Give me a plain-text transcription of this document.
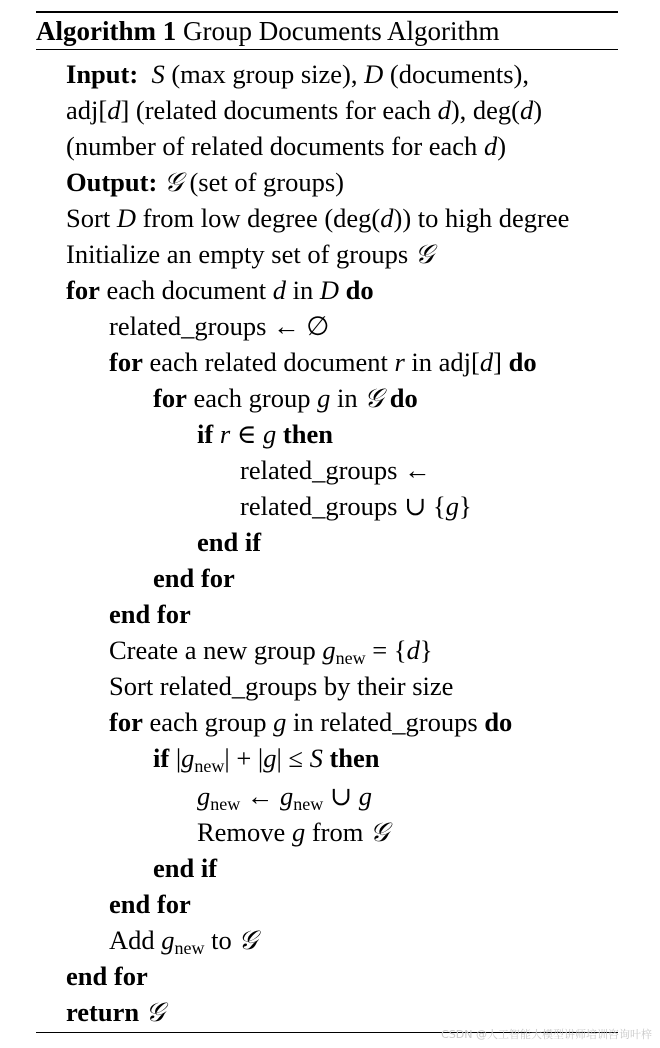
Algorithm 1 Group Documents Algorithm
Input: S (max group size), D (documents),
adj[d] (related documents for each d), deg(d)
(number of related documents for each d)
Output: 𝒢 (set of groups)
Sort D from low degree (deg(d)) to high degree
Initialize an empty set of groups 𝒢
for each document d in D do
related_groups ← ∅
for each related document r in adj[d] do
for each group g in 𝒢 do
if r ∈ g then
related_groups ←
related_groups ∪ {g}
end if
end for
end for
Create a new group $g_{new} = \{d\}$
Sort related_groups by their size
for each group g in related_groups do
if $|g_{new}| + |g| \le S$ then
$g_{new}$ ← $g_{new}$ ∪ g
Remove g from 𝒢
end if
end for
Add $g_{new}$ to 𝒢
end for
return 𝒢
CSDN @人工智能大模型讲师培训咨询叶梓
